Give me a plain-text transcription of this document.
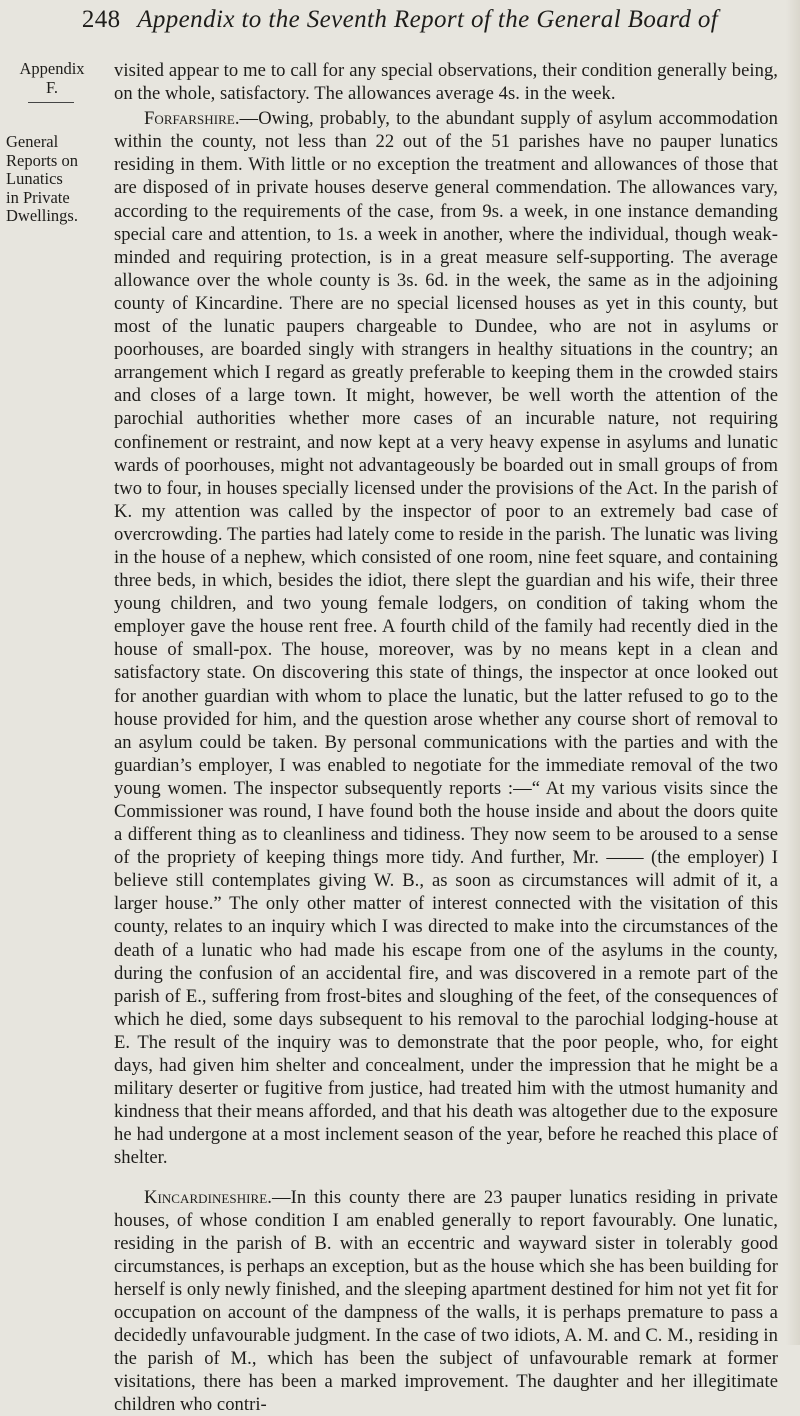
248 Appendix to the Seventh Report of the General Board of
Appendix
F.
General
Reports on
Lunatics
in Private
Dwellings.

visited appear to me to call for any special observations, their condition generally being, on the whole, satisfactory. The allowances average 4s. in the week.

Forfarshire.—Owing, probably, to the abundant supply of asylum accommodation within the county, not less than 22 out of the 51 parishes have no pauper lunatics residing in them. With little or no exception the treatment and allowances of those that are disposed of in private houses deserve general commendation. The allowances vary, according to the requirements of the case, from 9s. a week, in one instance demanding special care and attention, to 1s. a week in another, where the individual, though weak-minded and requiring protection, is in a great measure self-supporting. The average allowance over the whole county is 3s. 6d. in the week, the same as in the adjoining county of Kincardine. There are no special licensed houses as yet in this county, but most of the lunatic paupers chargeable to Dundee, who are not in asylums or poorhouses, are boarded singly with strangers in healthy situations in the country; an arrangement which I regard as greatly preferable to keeping them in the crowded stairs and closes of a large town. It might, however, be well worth the attention of the parochial authorities whether more cases of an incurable nature, not requiring confinement or restraint, and now kept at a very heavy expense in asylums and lunatic wards of poorhouses, might not advantageously be boarded out in small groups of from two to four, in houses specially licensed under the provisions of the Act. In the parish of K. my attention was called by the inspector of poor to an extremely bad case of overcrowding. The parties had lately come to reside in the parish. The lunatic was living in the house of a nephew, which consisted of one room, nine feet square, and containing three beds, in which, besides the idiot, there slept the guardian and his wife, their three young children, and two young female lodgers, on condition of taking whom the employer gave the house rent free. A fourth child of the family had recently died in the house of small-pox. The house, moreover, was by no means kept in a clean and satisfactory state. On discovering this state of things, the inspector at once looked out for another guardian with whom to place the lunatic, but the latter refused to go to the house provided for him, and the question arose whether any course short of removal to an asylum could be taken. By personal communications with the parties and with the guardian’s employer, I was enabled to negotiate for the immediate removal of the two young women. The inspector subsequently reports :—“ At my various visits since the Commissioner was round, I have found both the house inside and about the doors quite a different thing as to cleanliness and tidiness. They now seem to be aroused to a sense of the propriety of keeping things more tidy. And further, Mr. —— (the employer) I believe still contemplates giving W. B., as soon as circumstances will admit of it, a larger house.” The only other matter of interest connected with the visitation of this county, relates to an inquiry which I was directed to make into the circumstances of the death of a lunatic who had made his escape from one of the asylums in the county, during the confusion of an accidental fire, and was discovered in a remote part of the parish of E., suffering from frost-bites and sloughing of the feet, of the consequences of which he died, some days subsequent to his removal to the parochial lodging-house at E. The result of the inquiry was to demonstrate that the poor people, who, for eight days, had given him shelter and concealment, under the impression that he might be a military deserter or fugitive from justice, had treated him with the utmost humanity and kindness that their means afforded, and that his death was altogether due to the exposure he had undergone at a most inclement season of the year, before he reached this place of shelter.

Kincardineshire.—In this county there are 23 pauper lunatics residing in private houses, of whose condition I am enabled generally to report favourably. One lunatic, residing in the parish of B. with an eccentric and wayward sister in tolerably good circumstances, is perhaps an exception, but as the house which she has been building for herself is only newly finished, and the sleeping apartment destined for him not yet fit for occupation on account of the dampness of the walls, it is perhaps premature to pass a decidedly unfavourable judgment. In the case of two idiots, A. M. and C. M., residing in the parish of M., which has been the subject of unfavourable remark at former visitations, there has been a marked improvement. The daughter and her illegitimate children who contri-
